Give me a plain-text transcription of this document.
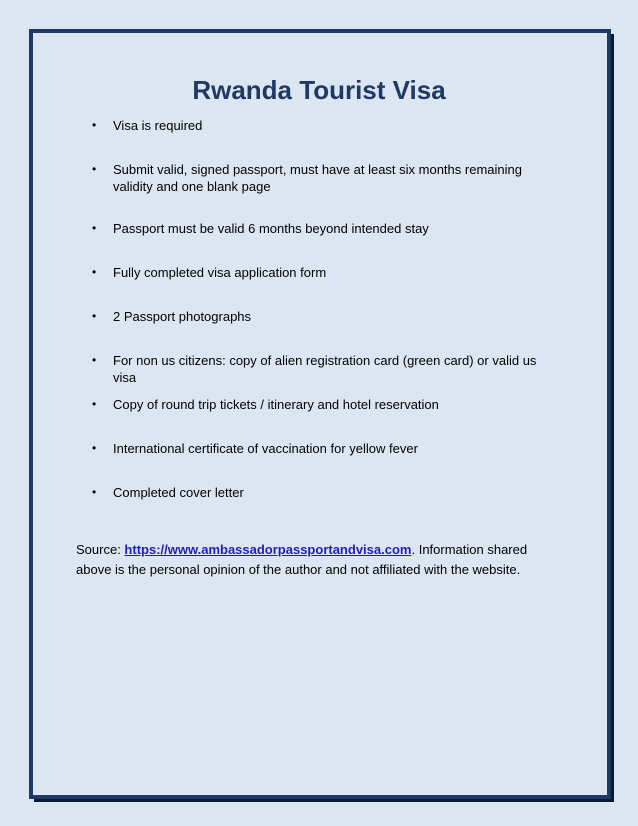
Rwanda Tourist Visa
• Visa is required
• Submit valid, signed passport, must have at least six months remaining validity and one blank page
• Passport must be valid 6 months beyond intended stay
• Fully completed visa application form
• 2 Passport photographs
• For non us citizens: copy of alien registration card (green card) or valid us visa
• Copy of round trip tickets / itinerary and hotel reservation
• International certificate of vaccination for yellow fever
• Completed cover letter

Source: https://www.ambassadorpassportandvisa.com. Information shared above is the personal opinion of the author and not affiliated with the website.
